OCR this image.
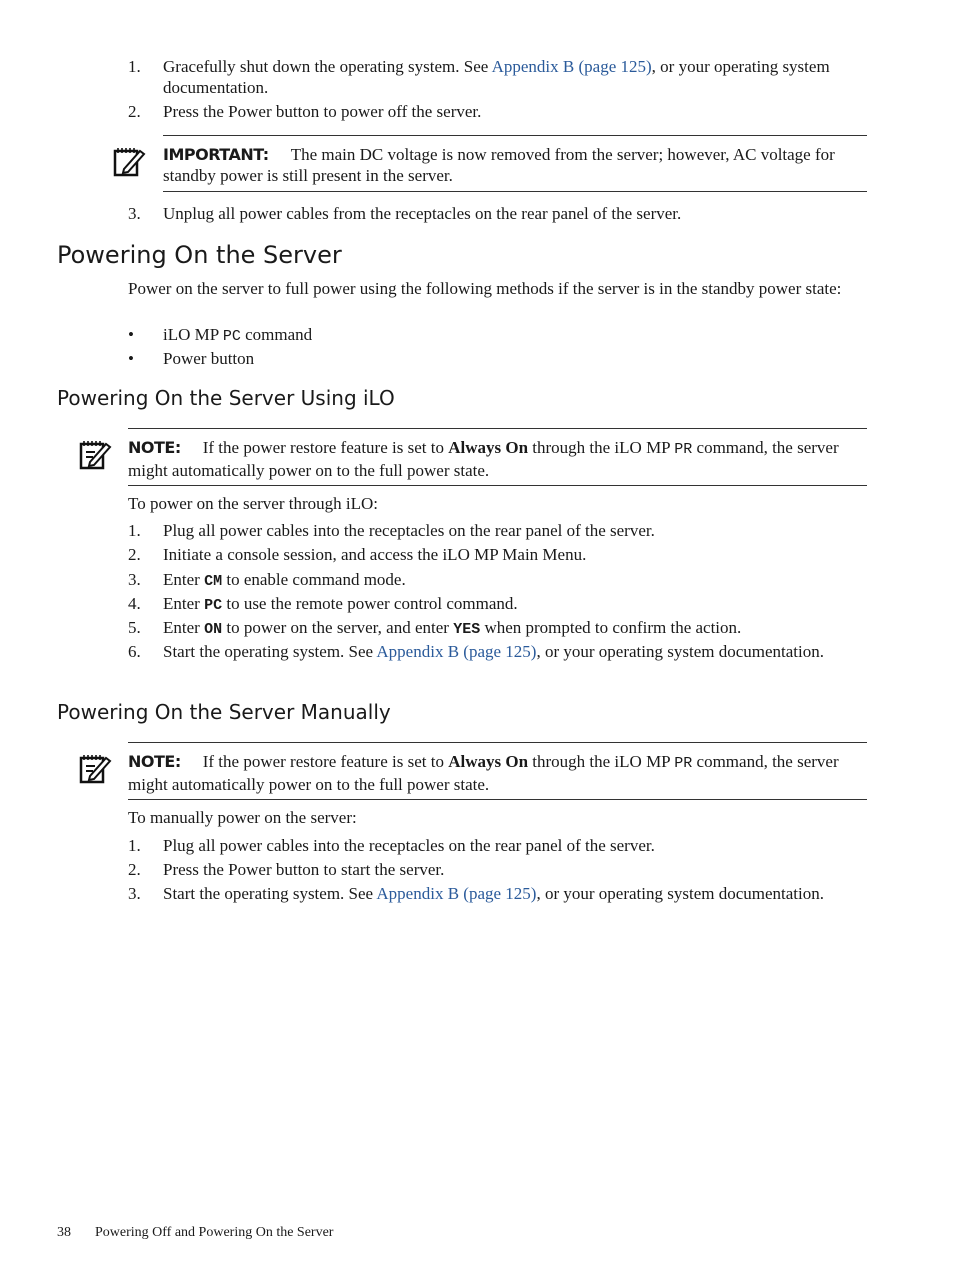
1.	Gracefully shut down the operating system. See Appendix B (page 125), or your operating system documentation.
2.	Press the Power button to power off the server.
IMPORTANT: The main DC voltage is now removed from the server; however, AC voltage for standby power is still present in the server.
3.	Unplug all power cables from the receptacles on the rear panel of the server.
Powering On the Server
Power on the server to full power using the following methods if the server is in the standby power state:
• iLO MP PC command
• Power button
Powering On the Server Using iLO
NOTE: If the power restore feature is set to Always On through the iLO MP PR command, the server might automatically power on to the full power state.
To power on the server through iLO:
1.	Plug all power cables into the receptacles on the rear panel of the server.
2.	Initiate a console session, and access the iLO MP Main Menu.
3.	Enter CM to enable command mode.
4.	Enter PC to use the remote power control command.
5.	Enter ON to power on the server, and enter YES when prompted to confirm the action.
6.	Start the operating system. See Appendix B (page 125), or your operating system documentation.
Powering On the Server Manually
NOTE: If the power restore feature is set to Always On through the iLO MP PR command, the server might automatically power on to the full power state.
To manually power on the server:
1.	Plug all power cables into the receptacles on the rear panel of the server.
2.	Press the Power button to start the server.
3.	Start the operating system. See Appendix B (page 125), or your operating system documentation.
38 Powering Off and Powering On the Server
